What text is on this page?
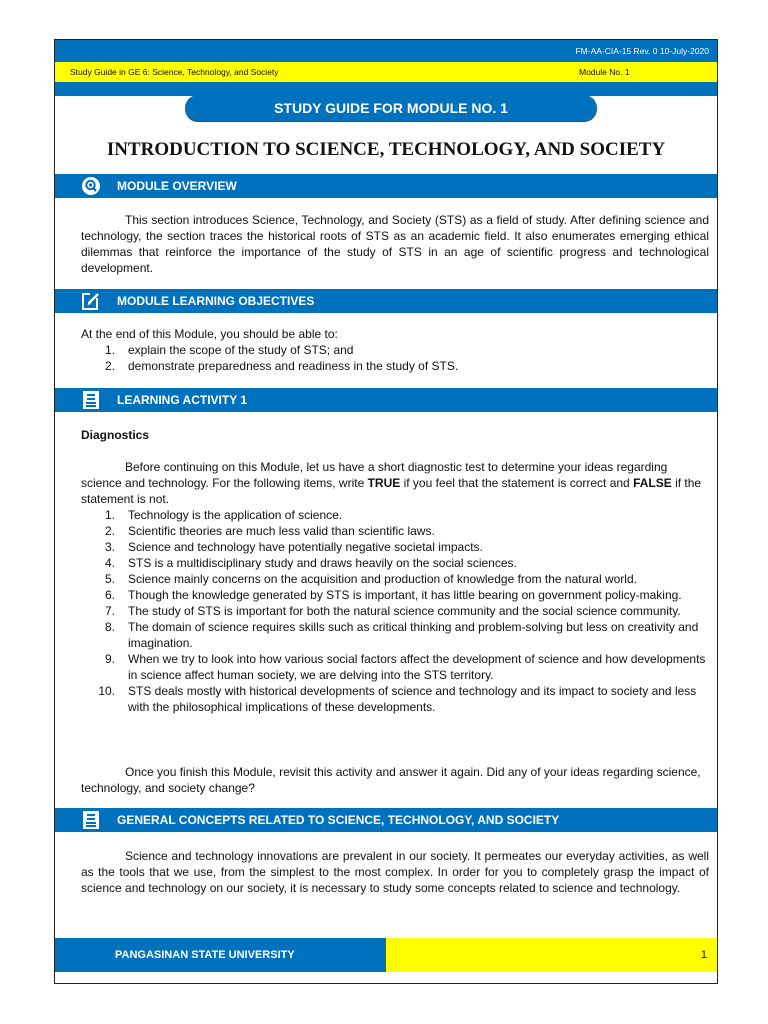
FM-AA-CIA-15 Rev. 0 10-July-2020
Study Guide in GE 6: Science, Technology, and Society	Module No. 1
STUDY GUIDE FOR MODULE NO. 1
INTRODUCTION TO SCIENCE, TECHNOLOGY, AND SOCIETY
MODULE OVERVIEW
This section introduces Science, Technology, and Society (STS) as a field of study. After defining science and technology, the section traces the historical roots of STS as an academic field. It also enumerates emerging ethical dilemmas that reinforce the importance of the study of STS in an age of scientific progress and technological development.
MODULE LEARNING OBJECTIVES
At the end of this Module, you should be able to:
1. explain the scope of the study of STS; and
2. demonstrate preparedness and readiness in the study of STS.
LEARNING ACTIVITY 1
Diagnostics
Before continuing on this Module, let us have a short diagnostic test to determine your ideas regarding science and technology. For the following items, write TRUE if you feel that the statement is correct and FALSE if the statement is not.
1. Technology is the application of science.
2. Scientific theories are much less valid than scientific laws.
3. Science and technology have potentially negative societal impacts.
4. STS is a multidisciplinary study and draws heavily on the social sciences.
5. Science mainly concerns on the acquisition and production of knowledge from the natural world.
6. Though the knowledge generated by STS is important, it has little bearing on government policy-making.
7. The study of STS is important for both the natural science community and the social science community.
8. The domain of science requires skills such as critical thinking and problem-solving but less on creativity and imagination.
9. When we try to look into how various social factors affect the development of science and how developments in science affect human society, we are delving into the STS territory.
10. STS deals mostly with historical developments of science and technology and its impact to society and less with the philosophical implications of these developments.
Once you finish this Module, revisit this activity and answer it again. Did any of your ideas regarding science, technology, and society change?
GENERAL CONCEPTS RELATED TO SCIENCE, TECHNOLOGY, AND SOCIETY
Science and technology innovations are prevalent in our society. It permeates our everyday activities, as well as the tools that we use, from the simplest to the most complex. In order for you to completely grasp the impact of science and technology on our society, it is necessary to study some concepts related to science and technology.
PANGASINAN STATE UNIVERSITY	1
